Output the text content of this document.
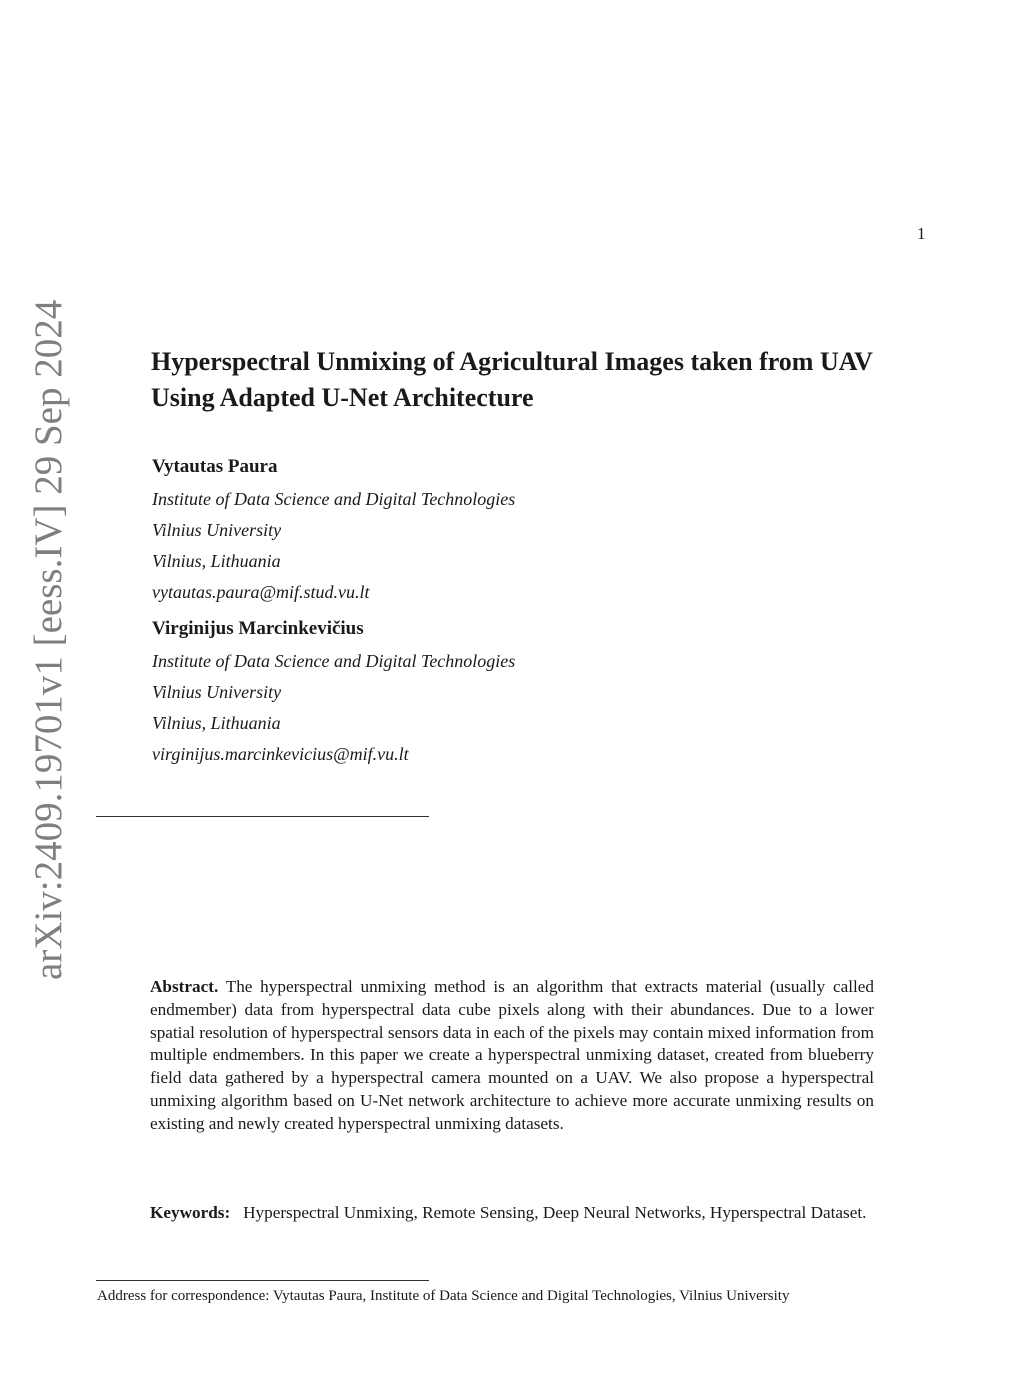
arXiv:2409.19701v1 [eess.IV] 29 Sep 2024
1
Hyperspectral Unmixing of Agricultural Images taken from UAV
Using Adapted U-Net Architecture
Vytautas Paura
Institute of Data Science and Digital Technologies
Vilnius University
Vilnius, Lithuania
vytautas.paura@mif.stud.vu.lt
Virginijus Marcinkevičius
Institute of Data Science and Digital Technologies
Vilnius University
Vilnius, Lithuania
virginijus.marcinkevicius@mif.vu.lt

Abstract. The hyperspectral unmixing method is an algorithm that extracts material (usually called endmember) data from hyperspectral data cube pixels along with their abundances. Due to a lower spatial resolution of hyperspectral sensors data in each of the pixels may contain mixed information from multiple endmembers. In this paper we create a hyperspectral unmixing dataset, created from blueberry field data gathered by a hyperspectral camera mounted on a UAV. We also propose a hyperspectral unmixing algorithm based on U-Net network architecture to achieve more accurate unmixing results on existing and newly created hyperspectral unmixing datasets.

Keywords: Hyperspectral Unmixing, Remote Sensing, Deep Neural Networks, Hyperspectral Dataset.

Address for correspondence: Vytautas Paura, Institute of Data Science and Digital Technologies, Vilnius University
